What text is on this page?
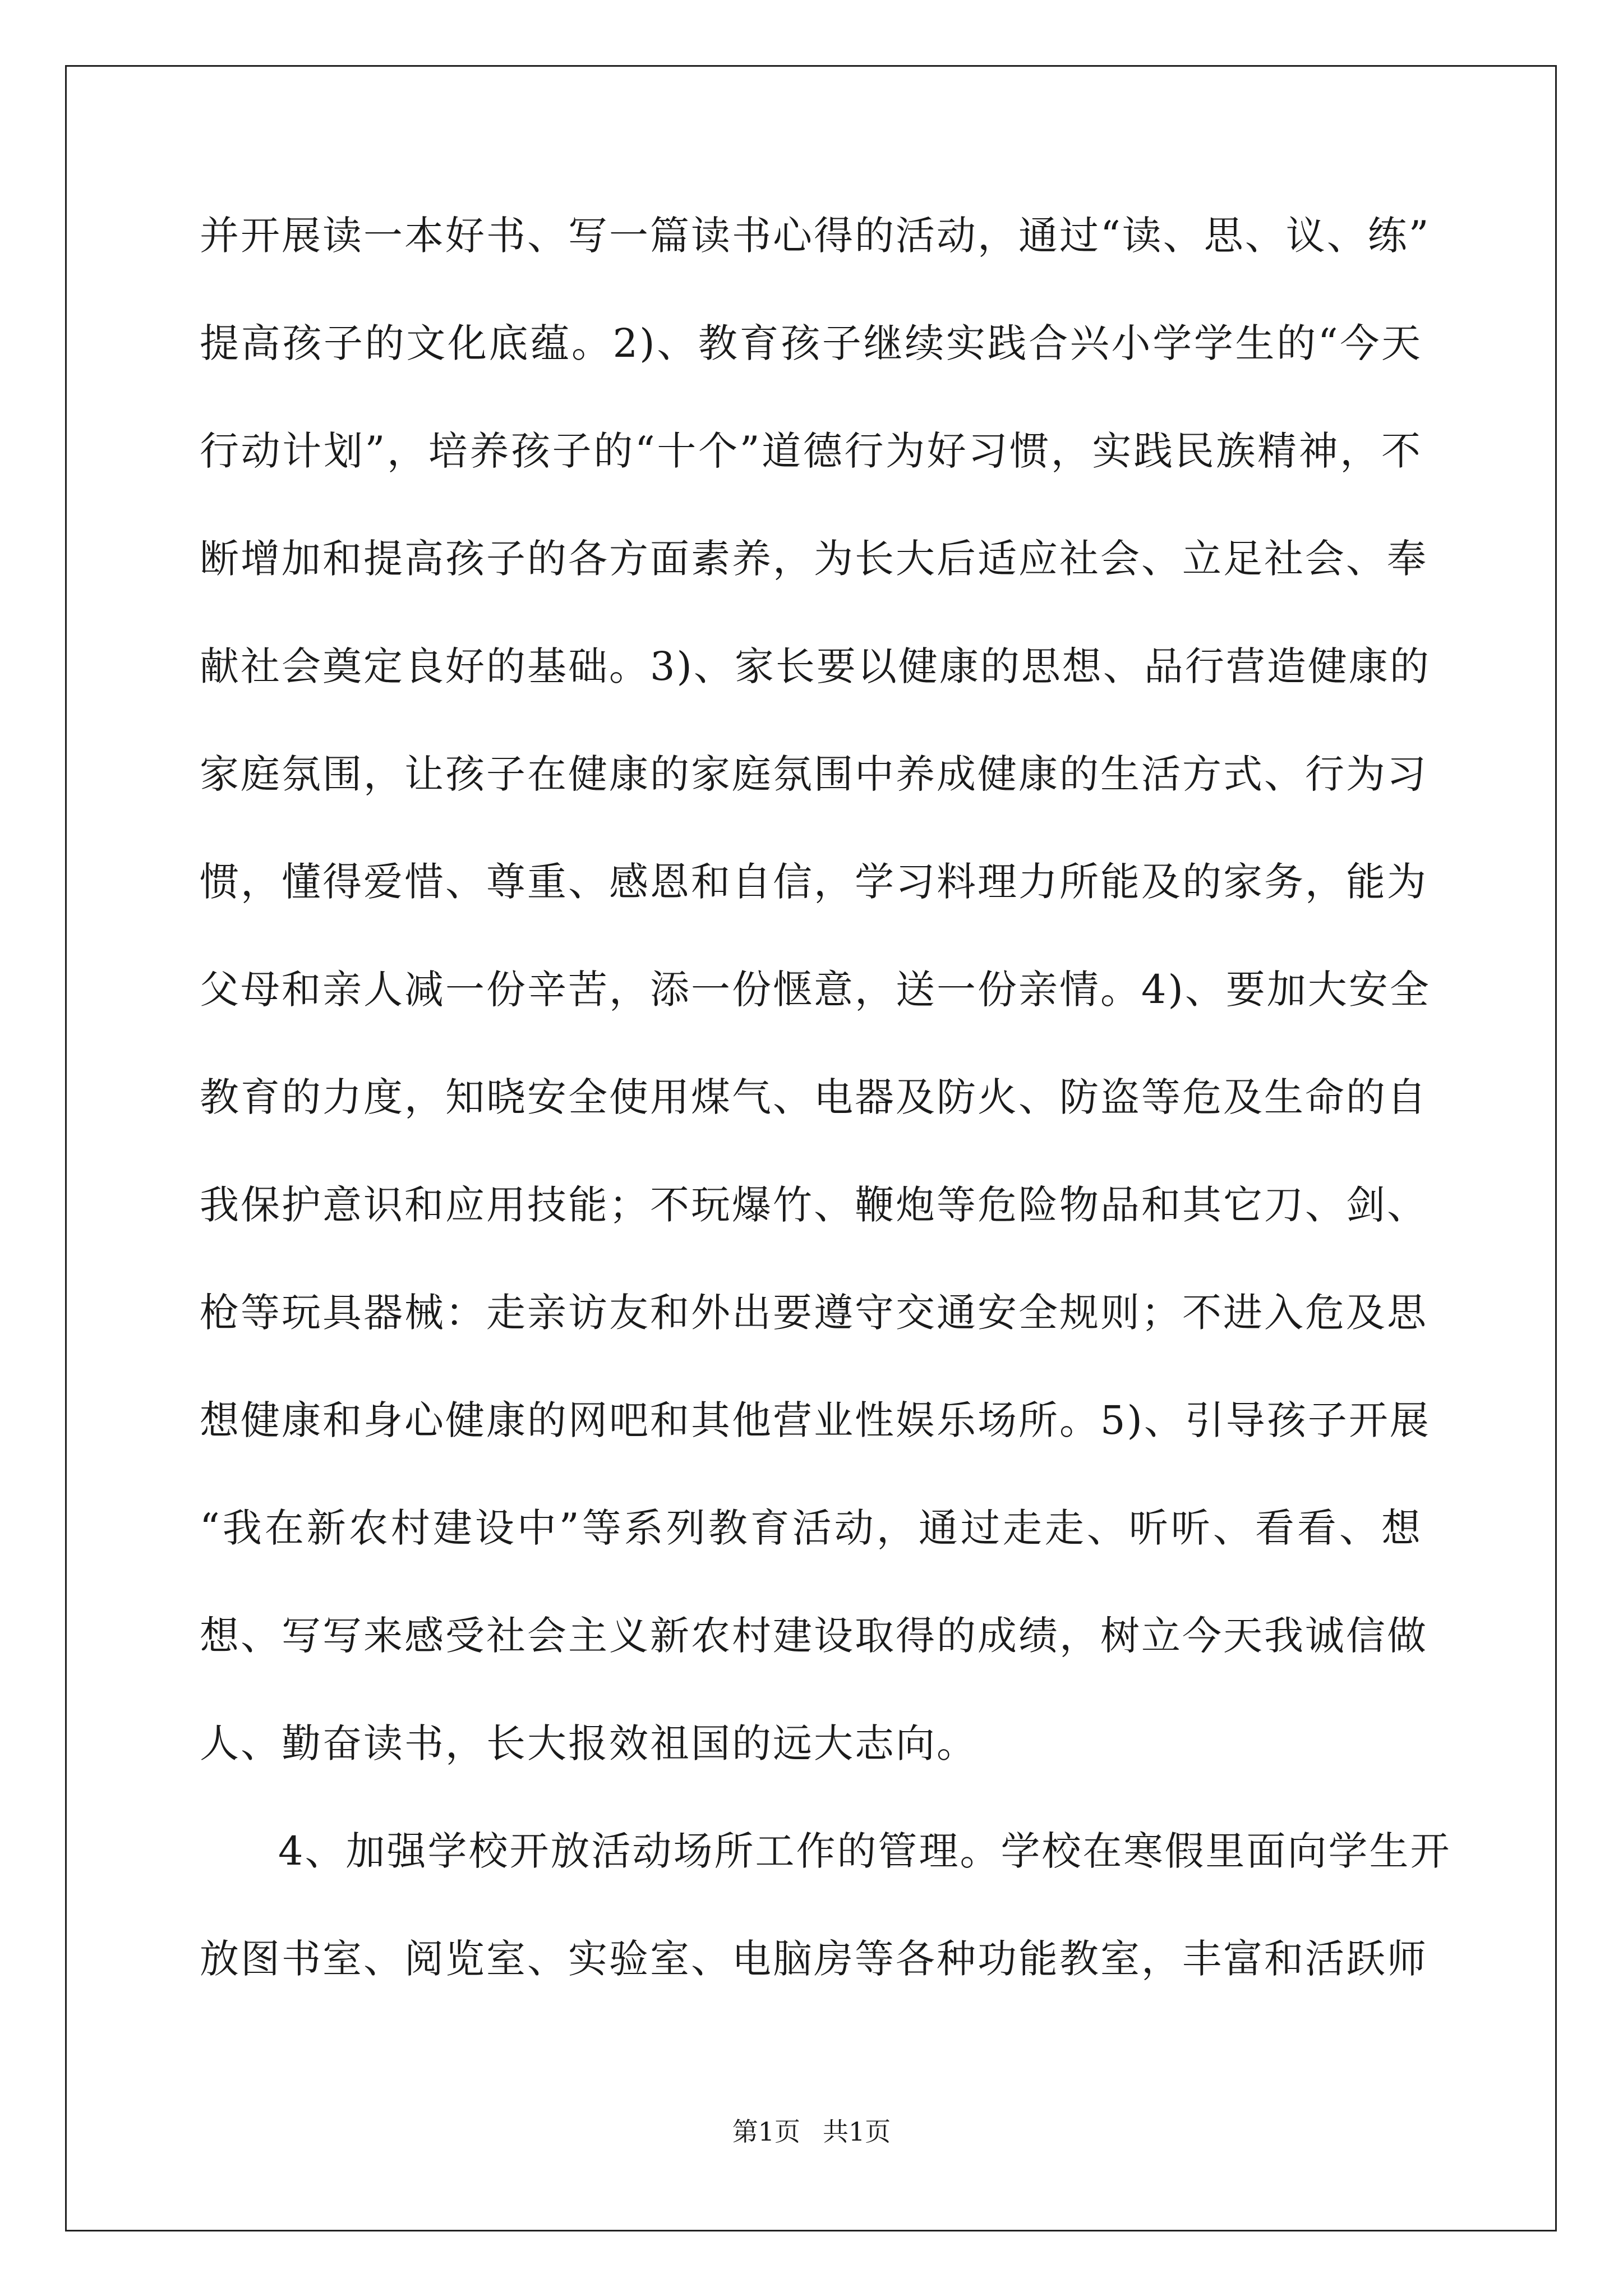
并开展读一本好书、写一篇读书心得的活动，通过“读、思、议、练”
提高孩子的文化底蕴。2)、教育孩子继续实践合兴小学学生的“今天
行动计划”，培养孩子的“十个”道德行为好习惯，实践民族精神，不
断增加和提高孩子的各方面素养，为长大后适应社会、立足社会、奉
献社会奠定良好的基础。3)、家长要以健康的思想、品行营造健康的
家庭氛围，让孩子在健康的家庭氛围中养成健康的生活方式、行为习
惯，懂得爱惜、尊重、感恩和自信，学习料理力所能及的家务，能为
父母和亲人减一份辛苦，添一份惬意，送一份亲情。4)、要加大安全
教育的力度，知晓安全使用煤气、电器及防火、防盗等危及生命的自
我保护意识和应用技能；不玩爆竹、鞭炮等危险物品和其它刀、剑、
枪等玩具器械：走亲访友和外出要遵守交通安全规则；不进入危及思
想健康和身心健康的网吧和其他营业性娱乐场所。5)、引导孩子开展
“我在新农村建设中”等系列教育活动，通过走走、听听、看看、想
想、写写来感受社会主义新农村建设取得的成绩，树立今天我诚信做
人、勤奋读书，长大报效祖国的远大志向。
4、加强学校开放活动场所工作的管理。学校在寒假里面向学生开
放图书室、阅览室、实验室、电脑房等各种功能教室，丰富和活跃师
第1页 共1页
